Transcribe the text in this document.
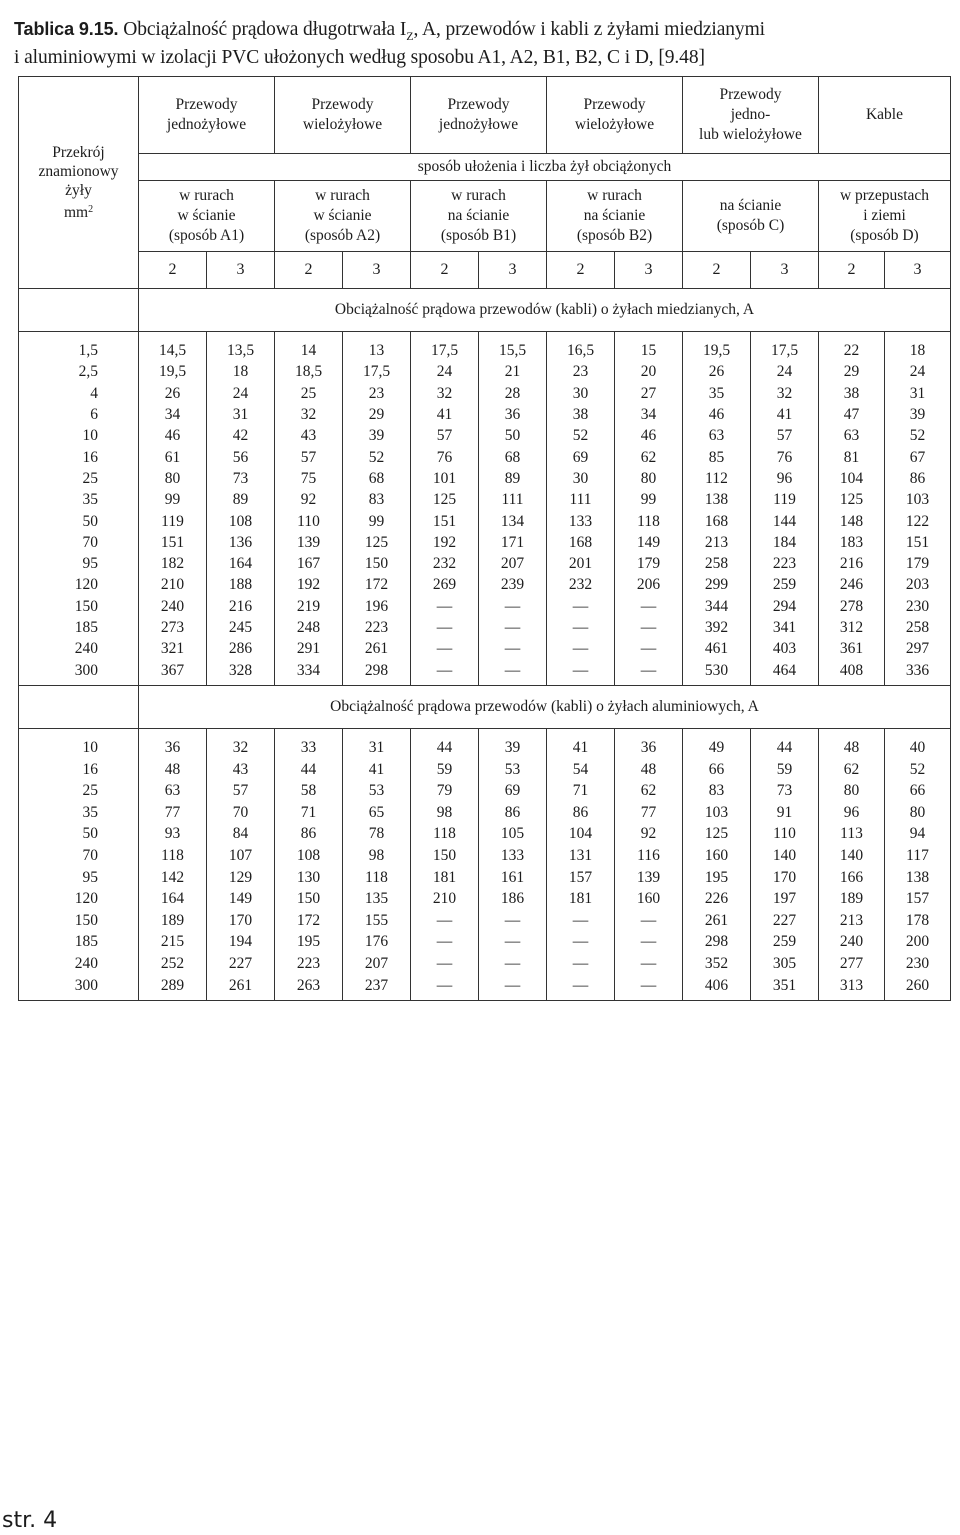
Tablica 9.15. Obciążalność prądowa długotrwała $I_Z$, A, przewodów i kabli z żyłami miedzianymi
i aluminiowymi w izolacji PVC ułożonych według sposobu A1, A2, B1, B2, C i D, [9.48]
Przekrój
znamionowy
żyły
$mm^2$	Przewody
jednożyłowe		Przewody
wielożyłowe		Przewody
jednożyłowe		Przewody
wielożyłowe		Przewody
jedno-
lub wielożyłowe		Kable	
	sposób ułożenia i liczba żył obciążonych											
	w rurach
w ścianie
(sposób A1)		w rurach
w ścianie
(sposób A2)		w rurach
na ścianie
(sposób B1)		w rurach
na ścianie
(sposób B2)		na ścianie
(sposób C)		w przepustach
i ziemi
(sposób D)	
	2	3	2	3	2	3	2	3	2	3	2	3
	Obciążalność prądowa przewodów (kabli) o żyłach miedzianych, A											
1,5	14,5	13,5	14	13	17,5	15,5	16,5	15	19,5	17,5	22	18
2,5	19,5	18	18,5	17,5	24	21	23	20	26	24	29	24
4	26	24	25	23	32	28	30	27	35	32	38	31
6	34	31	32	29	41	36	38	34	46	41	47	39
10	46	42	43	39	57	50	52	46	63	57	63	52
16	61	56	57	52	76	68	69	62	85	76	81	67
25	80	73	75	68	101	89	30	80	112	96	104	86
35	99	89	92	83	125	111	111	99	138	119	125	103
50	119	108	110	99	151	134	133	118	168	144	148	122
70	151	136	139	125	192	171	168	149	213	184	183	151
95	182	164	167	150	232	207	201	179	258	223	216	179
120	210	188	192	172	269	239	232	206	299	259	246	203
150	240	216	219	196	—	—	—	—	344	294	278	230
185	273	245	248	223	—	—	—	—	392	341	312	258
240	321	286	291	261	—	—	—	—	461	403	361	297
300	367	328	334	298	—	—	—	—	530	464	408	336
	Obciążalność prądowa przewodów (kabli) o żyłach aluminiowych, A											
10	36	32	33	31	44	39	41	36	49	44	48	40
16	48	43	44	41	59	53	54	48	66	59	62	52
25	63	57	58	53	79	69	71	62	83	73	80	66
35	77	70	71	65	98	86	86	77	103	91	96	80
50	93	84	86	78	118	105	104	92	125	110	113	94
70	118	107	108	98	150	133	131	116	160	140	140	117
95	142	129	130	118	181	161	157	139	195	170	166	138
120	164	149	150	135	210	186	181	160	226	197	189	157
150	189	170	172	155	—	—	—	—	261	227	213	178
185	215	194	195	176	—	—	—	—	298	259	240	200
240	252	227	223	207	—	—	—	—	352	305	277	230
300	289	261	263	237	—	—	—	—	406	351	313	260
str. 4
